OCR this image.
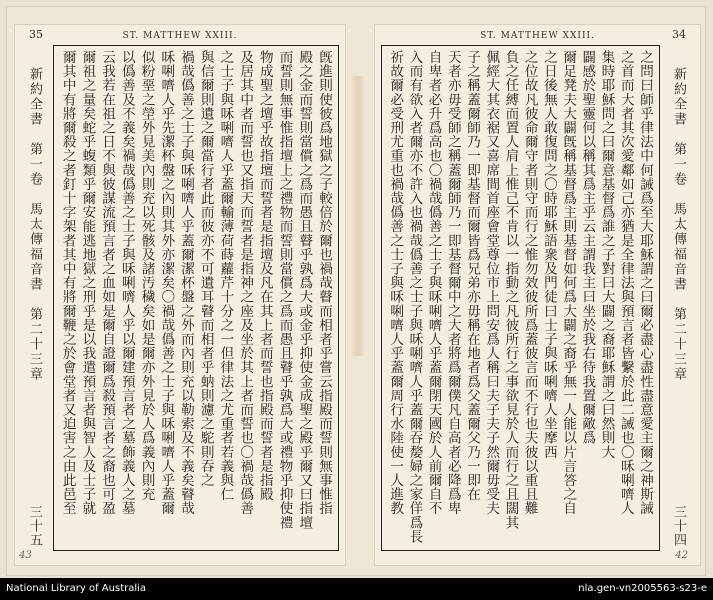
35	ST. MATTHEW XXIII.
新約全書　第一卷　馬太傳福音書　第二十三章
三十五
旣進則使彼爲地獄之子較倍於爾也禍哉瞽而相者乎嘗云指殿而誓則無事惟指
殿之金而誓則當償之爲而愚且瞽乎孰爲大或金乎抑使金成聖之殿乎爾又曰指壇
而誓則無事惟指壇上之禮物而誓則當償之爲而愚且瞽乎孰爲大或禮物乎抑使禮
物成聖之壇乎故指壇而誓者是指壇及凡在其上者而誓也指殿而誓者是指殿
及居其中者而誓也又指天而誓者是指神之座及坐於其上者而誓也〇禍哉僞善
之士子與咊唎嚌人乎蓋爾輸薄荷蒔蘿芹十分之一但律法之尤重者若義與仁
與信爾則遺之爾當行者此而彼亦不可遺耳瞽而相者乎蚋則濾之駝則吞之
禍哉僞善之士子與咊唎嚌人乎蓋爾潔杯盤之外而內則充以勒索及不義矣瞽哉
咊唎嚌人乎先潔杯盤之內則其外亦潔矣〇禍哉僞善之士子與咊唎嚌人乎蓋爾
似粉堊之塋外見美內則充以死骸及諸汚穢矣如是爾亦外見於人爲義內則充
以僞善及不義矣禍哉僞善之士子與咊唎嚌人乎以爾建預言者之墓飾義人之墓
云我若在祖之日不與彼謀流預言者之血如是爾自證爾爲殺預言者之裔也可盈
爾祖之量矣蛇乎蝮類乎爾安能逃地獄之刑乎是以我遣預言者與智人及士子就
爾其中有將爾殺之者釘十字架者其中有將爾鞭之於會堂者又迫害之由此邑至
43
ST. MATTHEW XXIII.	34
之問曰師乎律法中何誡爲至大耶穌謂之曰爾必盡心盡性盡意愛主爾之神斯誡
之首而大者其次愛鄰如己亦猶是全律法與預言者皆繫於此二誡也〇咊唎嚌人
集時耶穌問之曰爾意基督爲誰之子對曰大闢之裔耶穌謂之曰然則大
闢感於聖靈何以稱其爲主乎云主謂我主曰坐於我右待我置爾敵爲
爾足凳夫大闢旣稱基督爲主則基督如何爲大闢之裔乎無一人能以片言答之自
之日後無人敢復問之〇時耶穌語衆及門徒曰士子與咊唎嚌人坐摩西
之位故凡彼命爾守者則守而行之惟勿效彼所爲蓋彼言而不行也夫彼以重且難
負之任縛而置人肩上惟己不肯以一指動之凡彼所行之事欲見於人而行之且闊其
佩經大其衣裾又喜席間首座會堂尊位市上問安爲人稱曰夫子夫子然爾毋受夫
子之稱蓋爾師乃一即基督而爾皆爲兄弟亦毋稱在地者爲父蓋爾父乃一即在
天者亦毋受師之稱蓋爾師乃一即基督爾中之大者將爲爾僕凡自高者必降爲卑
自卑者必升爲高也〇禍哉僞善之士子與咊唎嚌人乎蓋爾閉天國於人前爾自不
入而有欲入者爾亦不許入也禍哉僞善之士子與咊唎嚌人乎蓋爾吞嫠婦之家佯爲長
祈故爾必受刑尤重也禍哉僞善之士子與咊唎嚌人乎蓋爾周行水陸使一人進教	新約全書　第一卷　馬太傳福音書　第二十三章
三十四
42
National Library of Australia	nla.gen-vn2005563-s23-e
